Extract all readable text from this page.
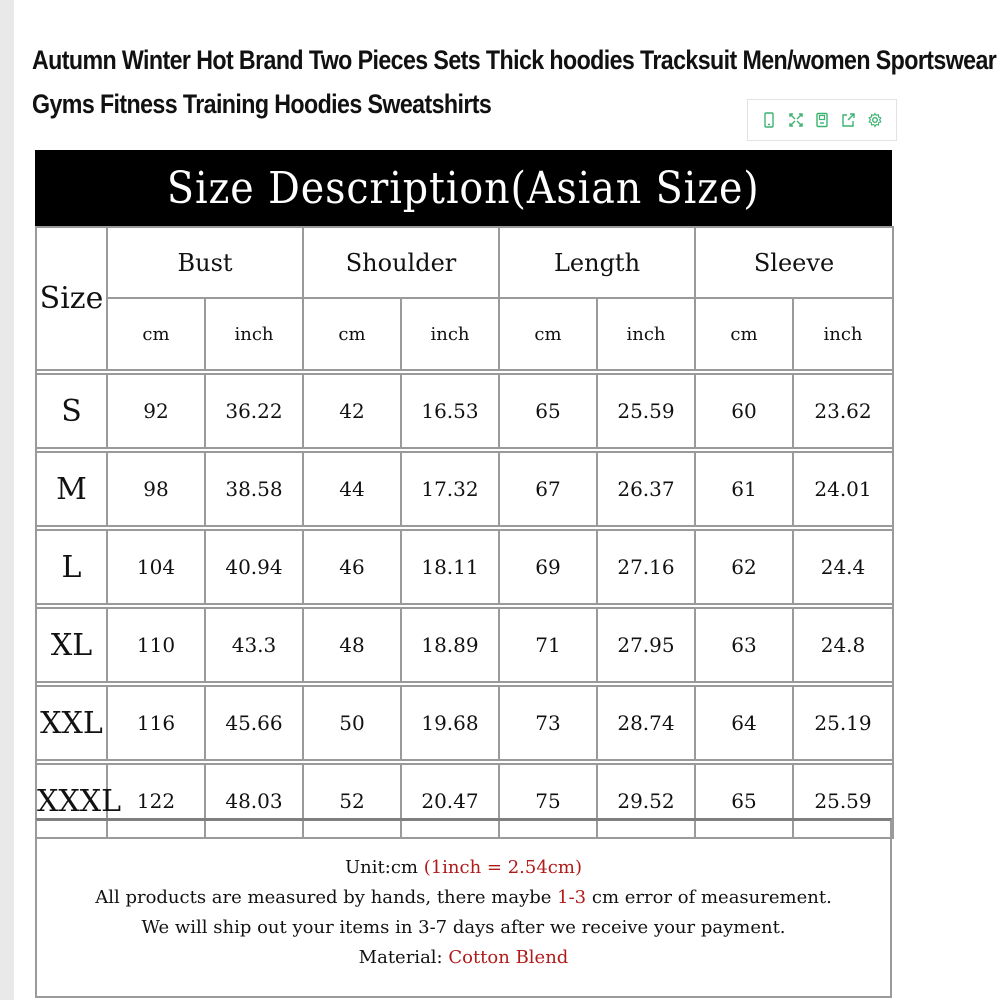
Autumn Winter Hot Brand Two Pieces Sets Thick hoodies Tracksuit Men/women Sportswear
Gyms Fitness Training Hoodies Sweatshirts
Size Description(Asian Size)
Size	Bust		Shoulder		Length		Sleeve	
	cm	inch	cm	inch	cm	inch	cm	inch

S	92	36.22	42	16.53	65	25.59	60	23.62

M	98	38.58	44	17.32	67	26.37	61	24.01

L	104	40.94	46	18.11	69	27.16	62	24.4

XL	110	43.3	48	18.89	71	27.95	63	24.8

XXL	116	45.66	50	19.68	73	28.74	64	25.19

XXXL	122	48.03	52	20.47	75	29.52	65	25.59
Unit:cm (1inch = 2.54cm)
All products are measured by hands, there maybe 1-3 cm error of measurement.
We will ship out your items in 3-7 days after we receive your payment.
Material: Cotton Blend
